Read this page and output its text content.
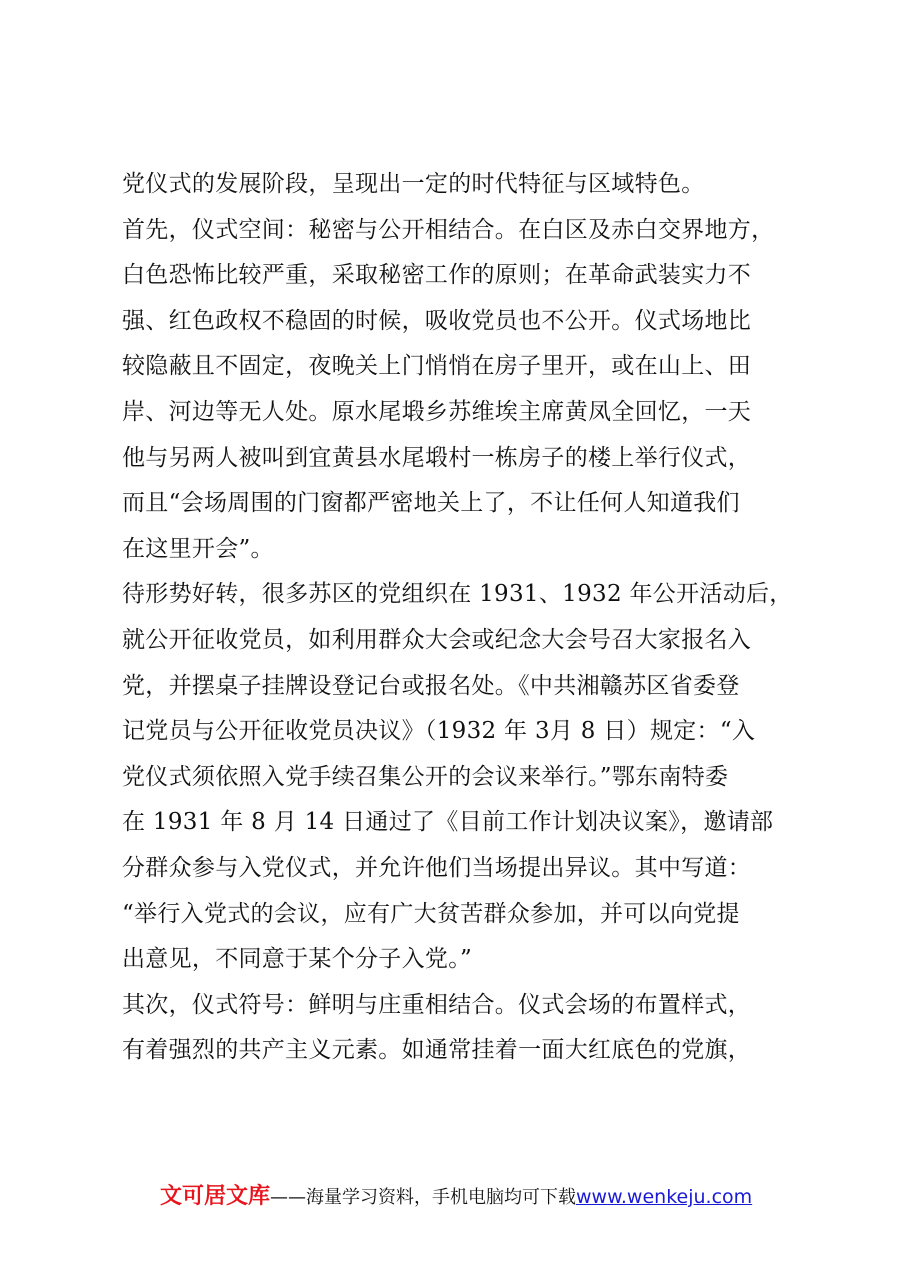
党仪式的发展阶段，呈现出一定的时代特征与区域特色。
首先，仪式空间：秘密与公开相结合。在白区及赤白交界地方，
白色恐怖比较严重，采取秘密工作的原则；在革命武装实力不
强、红色政权不稳固的时候，吸收党员也不公开。仪式场地比
较隐蔽且不固定，夜晚关上门悄悄在房子里开，或在山上、田
岸、河边等无人处。原水尾塅乡苏维埃主席黄凤全回忆，一天
他与另两人被叫到宜黄县水尾塅村一栋房子的楼上举行仪式，
而且“会场周围的门窗都严密地关上了，不让任何人知道我们
在这里开会”。
待形势好转，很多苏区的党组织在 1931、1932 年公开活动后，
就公开征收党员，如利用群众大会或纪念大会号召大家报名入
党，并摆桌子挂牌设登记台或报名处。《中共湘赣苏区省委登
记党员与公开征收党员决议》（1932 年 3月 8 日）规定：“入
党仪式须依照入党手续召集公开的会议来举行。”鄂东南特委
在 1931 年 8 月 14 日通过了《目前工作计划决议案》，邀请部
分群众参与入党仪式，并允许他们当场提出异议。其中写道：
“举行入党式的会议，应有广大贫苦群众参加，并可以向党提
出意见，不同意于某个分子入党。”
其次，仪式符号：鲜明与庄重相结合。仪式会场的布置样式，
有着强烈的共产主义元素。如通常挂着一面大红底色的党旗，
文可居文库——海量学习资料，手机电脑均可下载www.wenkeju.com
